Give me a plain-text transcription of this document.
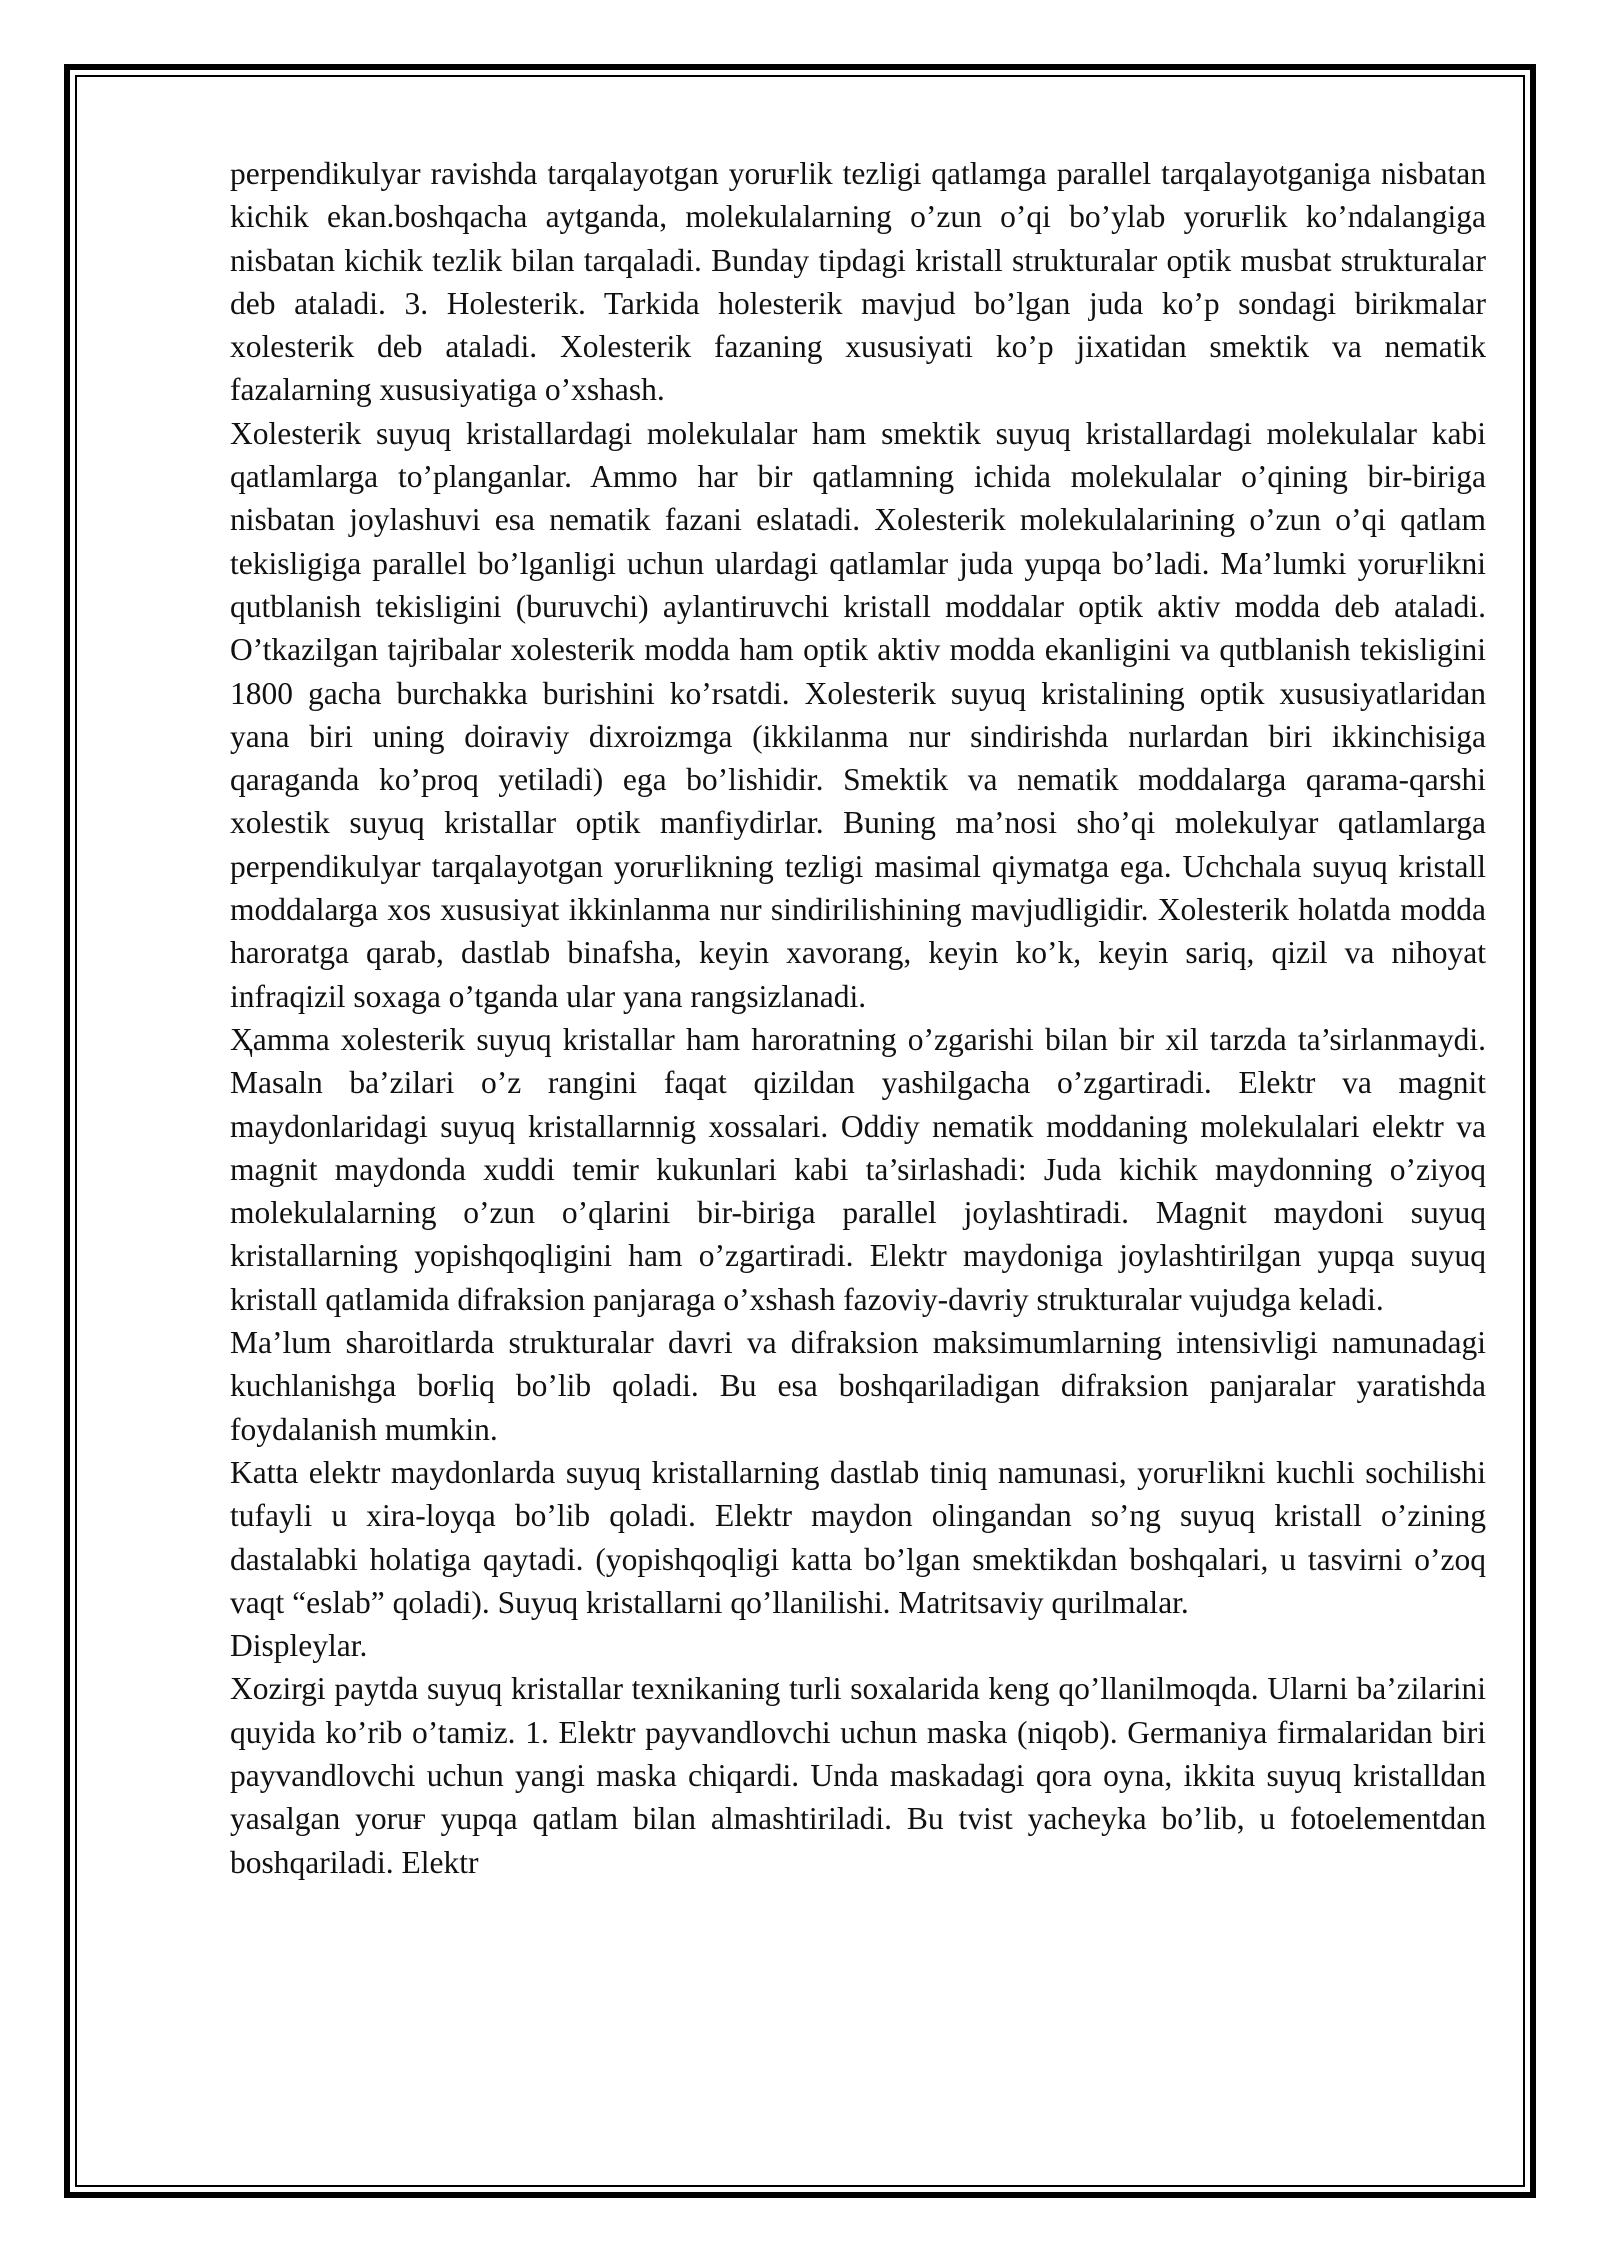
perpendikulyar ravishda tarqalayotgan yoruғlik tezligi qatlamga parallel tarqalayotganiga nisbatan kichik ekan.boshqacha aytganda, molekulalarning o’zun o’qi bo’ylab yoruғlik ko’ndalangiga nisbatan kichik tezlik bilan tarqaladi. Bunday tipdagi kristall strukturalar optik musbat strukturalar deb ataladi. 3. Holesterik. Tarkida holesterik mavjud bo’lgan juda ko’p sondagi birikmalar xolesterik deb ataladi. Xolesterik fazaning xususiyati ko’p jixatidan smektik va nematik fazalarning xususiyatiga o’xshash.

Xolesterik suyuq kristallardagi molekulalar ham smektik suyuq kristallardagi molekulalar kabi qatlamlarga to’planganlar. Ammo har bir qatlamning ichida molekulalar o’qining bir-biriga nisbatan joylashuvi esa nematik fazani eslatadi. Xolesterik molekulalarining o’zun o’qi qatlam tekisligiga parallel bo’lganligi uchun ulardagi qatlamlar juda yupqa bo’ladi. Ma’lumki yoruғlikni qutblanish tekisligini (buruvchi) aylantiruvchi kristall moddalar optik aktiv modda deb ataladi. O’tkazilgan tajribalar xolesterik modda ham optik aktiv modda ekanligini va qutblanish tekisligini 1800 gacha burchakka burishini ko’rsatdi. Xolesterik suyuq kristalining optik xususiyatlaridan yana biri uning doiraviy dixroizmga (ikkilanma nur sindirishda nurlardan biri ikkinchisiga qaraganda ko’proq yetiladi) ega bo’lishidir. Smektik va nematik moddalarga qarama-qarshi xolestik suyuq kristallar optik manfiydirlar. Buning ma’nosi sho’qi molekulyar qatlamlarga perpendikulyar tarqalayotgan yoruғlikning tezligi masimal qiymatga ega. Uchchala suyuq kristall moddalarga xos xususiyat ikkinlanma nur sindirilishining mavjudligidir. Xolesterik holatda modda haroratga qarab, dastlab binafsha, keyin xavorang, keyin ko’k, keyin sariq, qizil va nihoyat infraqizil soxaga o’tganda ular yana rangsizlanadi.

Ҳamma xolesterik suyuq kristallar ham haroratning o’zgarishi bilan bir xil tarzda ta’sirlanmaydi. Masaln ba’zilari o’z rangini faqat qizildan yashilgacha o’zgartiradi. Elektr va magnit maydonlaridagi suyuq kristallarnnig xossalari. Oddiy nematik moddaning molekulalari elektr va magnit maydonda xuddi temir kukunlari kabi ta’sirlashadi: Juda kichik maydonning o’ziyoq molekulalarning o’zun o’qlarini bir-biriga parallel joylashtiradi. Magnit maydoni suyuq kristallarning yopishqoqligini ham o’zgartiradi. Elektr maydoniga joylashtirilgan yupqa suyuq kristall qatlamida difraksion panjaraga o’xshash fazoviy-davriy strukturalar vujudga keladi.

Ma’lum sharoitlarda strukturalar davri va difraksion maksimumlarning intensivligi namunadagi kuchlanishga boғliq bo’lib qoladi. Bu esa boshqariladigan difraksion panjaralar yaratishda foydalanish mumkin.

Katta elektr maydonlarda suyuq kristallarning dastlab tiniq namunasi, yoruғlikni kuchli sochilishi tufayli u xira-loyqa bo’lib qoladi. Elektr maydon olingandan so’ng suyuq kristall o’zining dastalabki holatiga qaytadi. (yopishqoqligi katta bo’lgan smektikdan boshqalari, u tasvirni o’zoq vaqt “eslab” qoladi). Suyuq kristallarni qo’llanilishi. Matritsaviy qurilmalar.

Displeylar.

Xozirgi paytda suyuq kristallar texnikaning turli soxalarida keng qo’llanilmoqda. Ularni ba’zilarini quyida ko’rib o’tamiz. 1. Elektr payvandlovchi uchun maska (niqob). Germaniya firmalaridan biri payvandlovchi uchun yangi maska chiqardi. Unda maskadagi qora oyna, ikkita suyuq kristalldan yasalgan yoruғ yupqa qatlam bilan almashtiriladi. Bu tvist yacheyka bo’lib, u fotoelementdan boshqariladi. Elektr
